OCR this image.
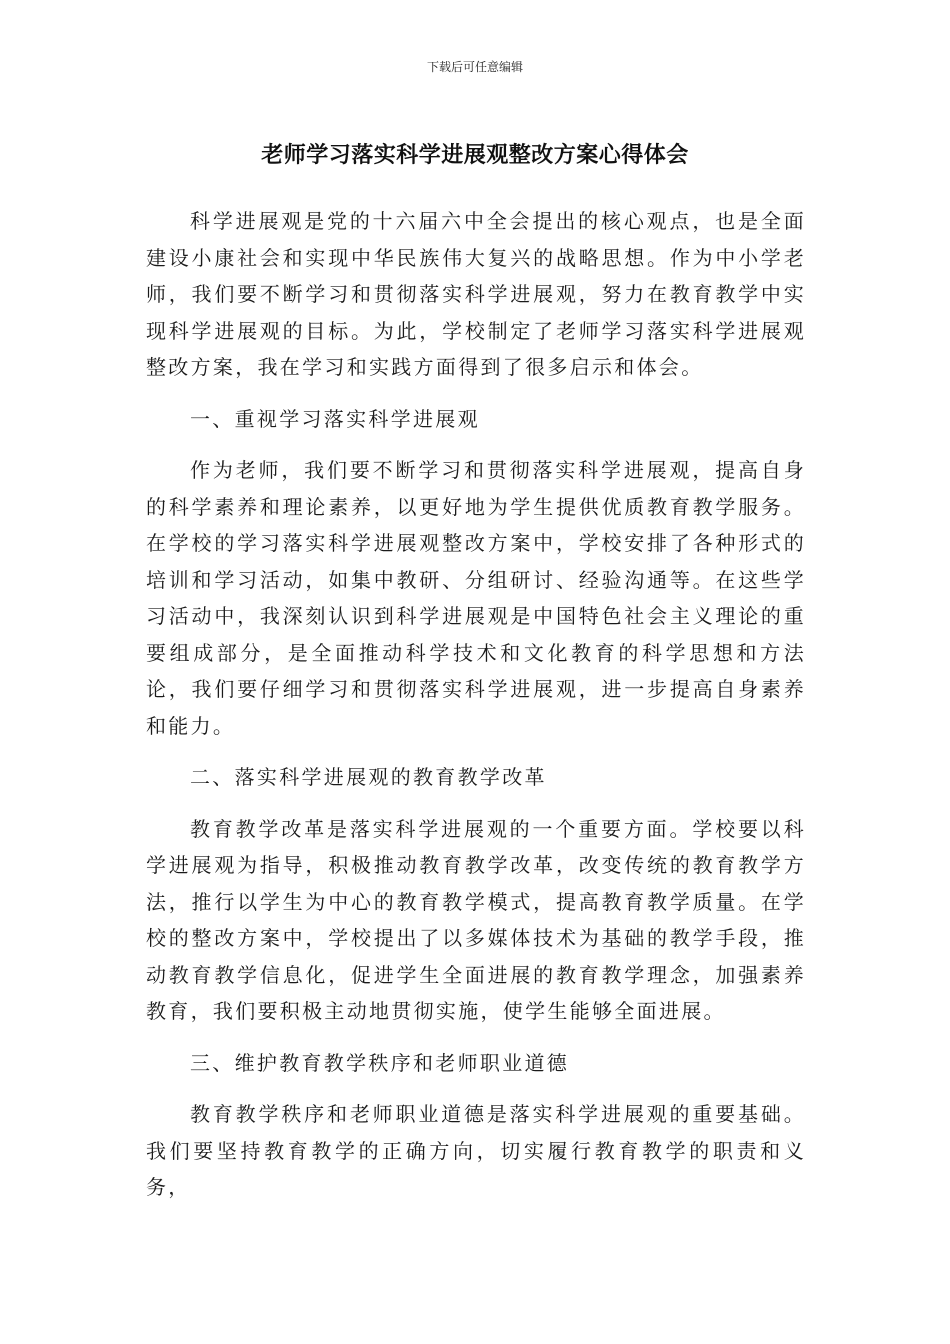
下载后可任意编辑
老师学习落实科学进展观整改方案心得体会

科学进展观是党的十六届六中全会提出的核心观点，也是全面建设小康社会和实现中华民族伟大复兴的战略思想。作为中小学老师，我们要不断学习和贯彻落实科学进展观，努力在教育教学中实现科学进展观的目标。为此，学校制定了老师学习落实科学进展观整改方案，我在学习和实践方面得到了很多启示和体会。

一、重视学习落实科学进展观

作为老师，我们要不断学习和贯彻落实科学进展观，提高自身的科学素养和理论素养，以更好地为学生提供优质教育教学服务。在学校的学习落实科学进展观整改方案中，学校安排了各种形式的培训和学习活动，如集中教研、分组研讨、经验沟通等。在这些学习活动中，我深刻认识到科学进展观是中国特色社会主义理论的重要组成部分，是全面推动科学技术和文化教育的科学思想和方法论，我们要仔细学习和贯彻落实科学进展观，进一步提高自身素养和能力。

二、落实科学进展观的教育教学改革

教育教学改革是落实科学进展观的一个重要方面。学校要以科学进展观为指导，积极推动教育教学改革，改变传统的教育教学方法，推行以学生为中心的教育教学模式，提高教育教学质量。在学校的整改方案中，学校提出了以多媒体技术为基础的教学手段，推动教育教学信息化，促进学生全面进展的教育教学理念，加强素养教育，我们要积极主动地贯彻实施，使学生能够全面进展。

三、维护教育教学秩序和老师职业道德

教育教学秩序和老师职业道德是落实科学进展观的重要基础。我们要坚持教育教学的正确方向，切实履行教育教学的职责和义务，
